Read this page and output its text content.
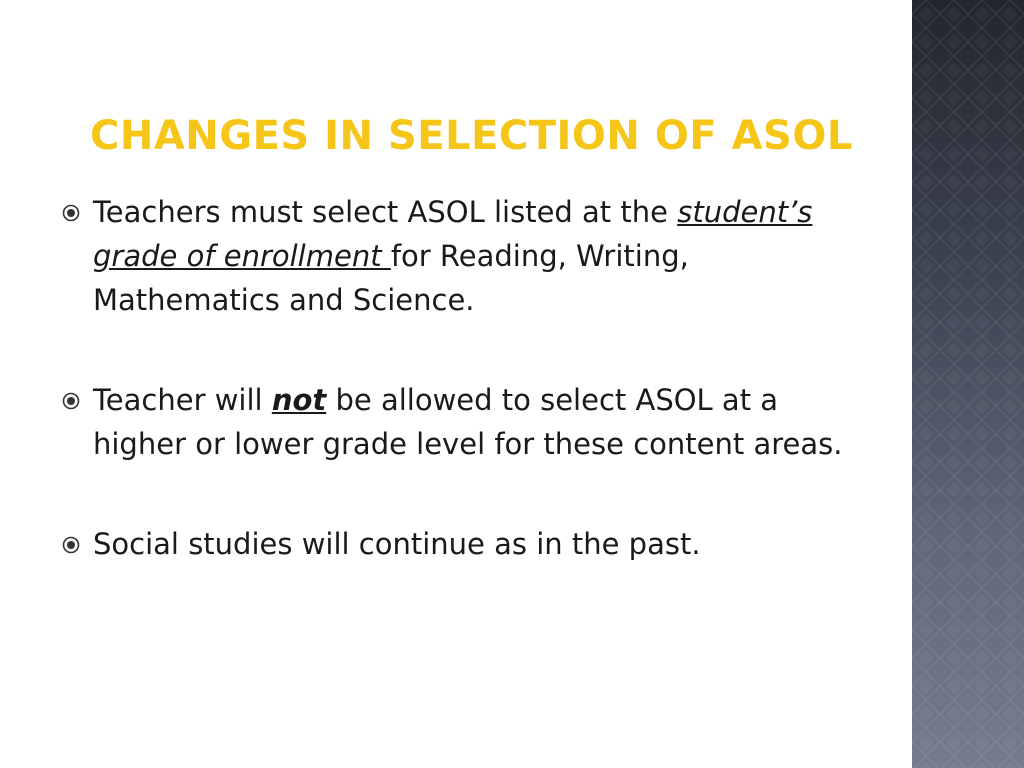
CHANGES IN SELECTION OF ASOL
Teachers must select ASOL listed at the student’s grade of enrollment for Reading, Writing, Mathematics and Science.
Teacher will not be allowed to select ASOL at a higher or lower grade level for these content areas.
Social studies will continue as in the past.
